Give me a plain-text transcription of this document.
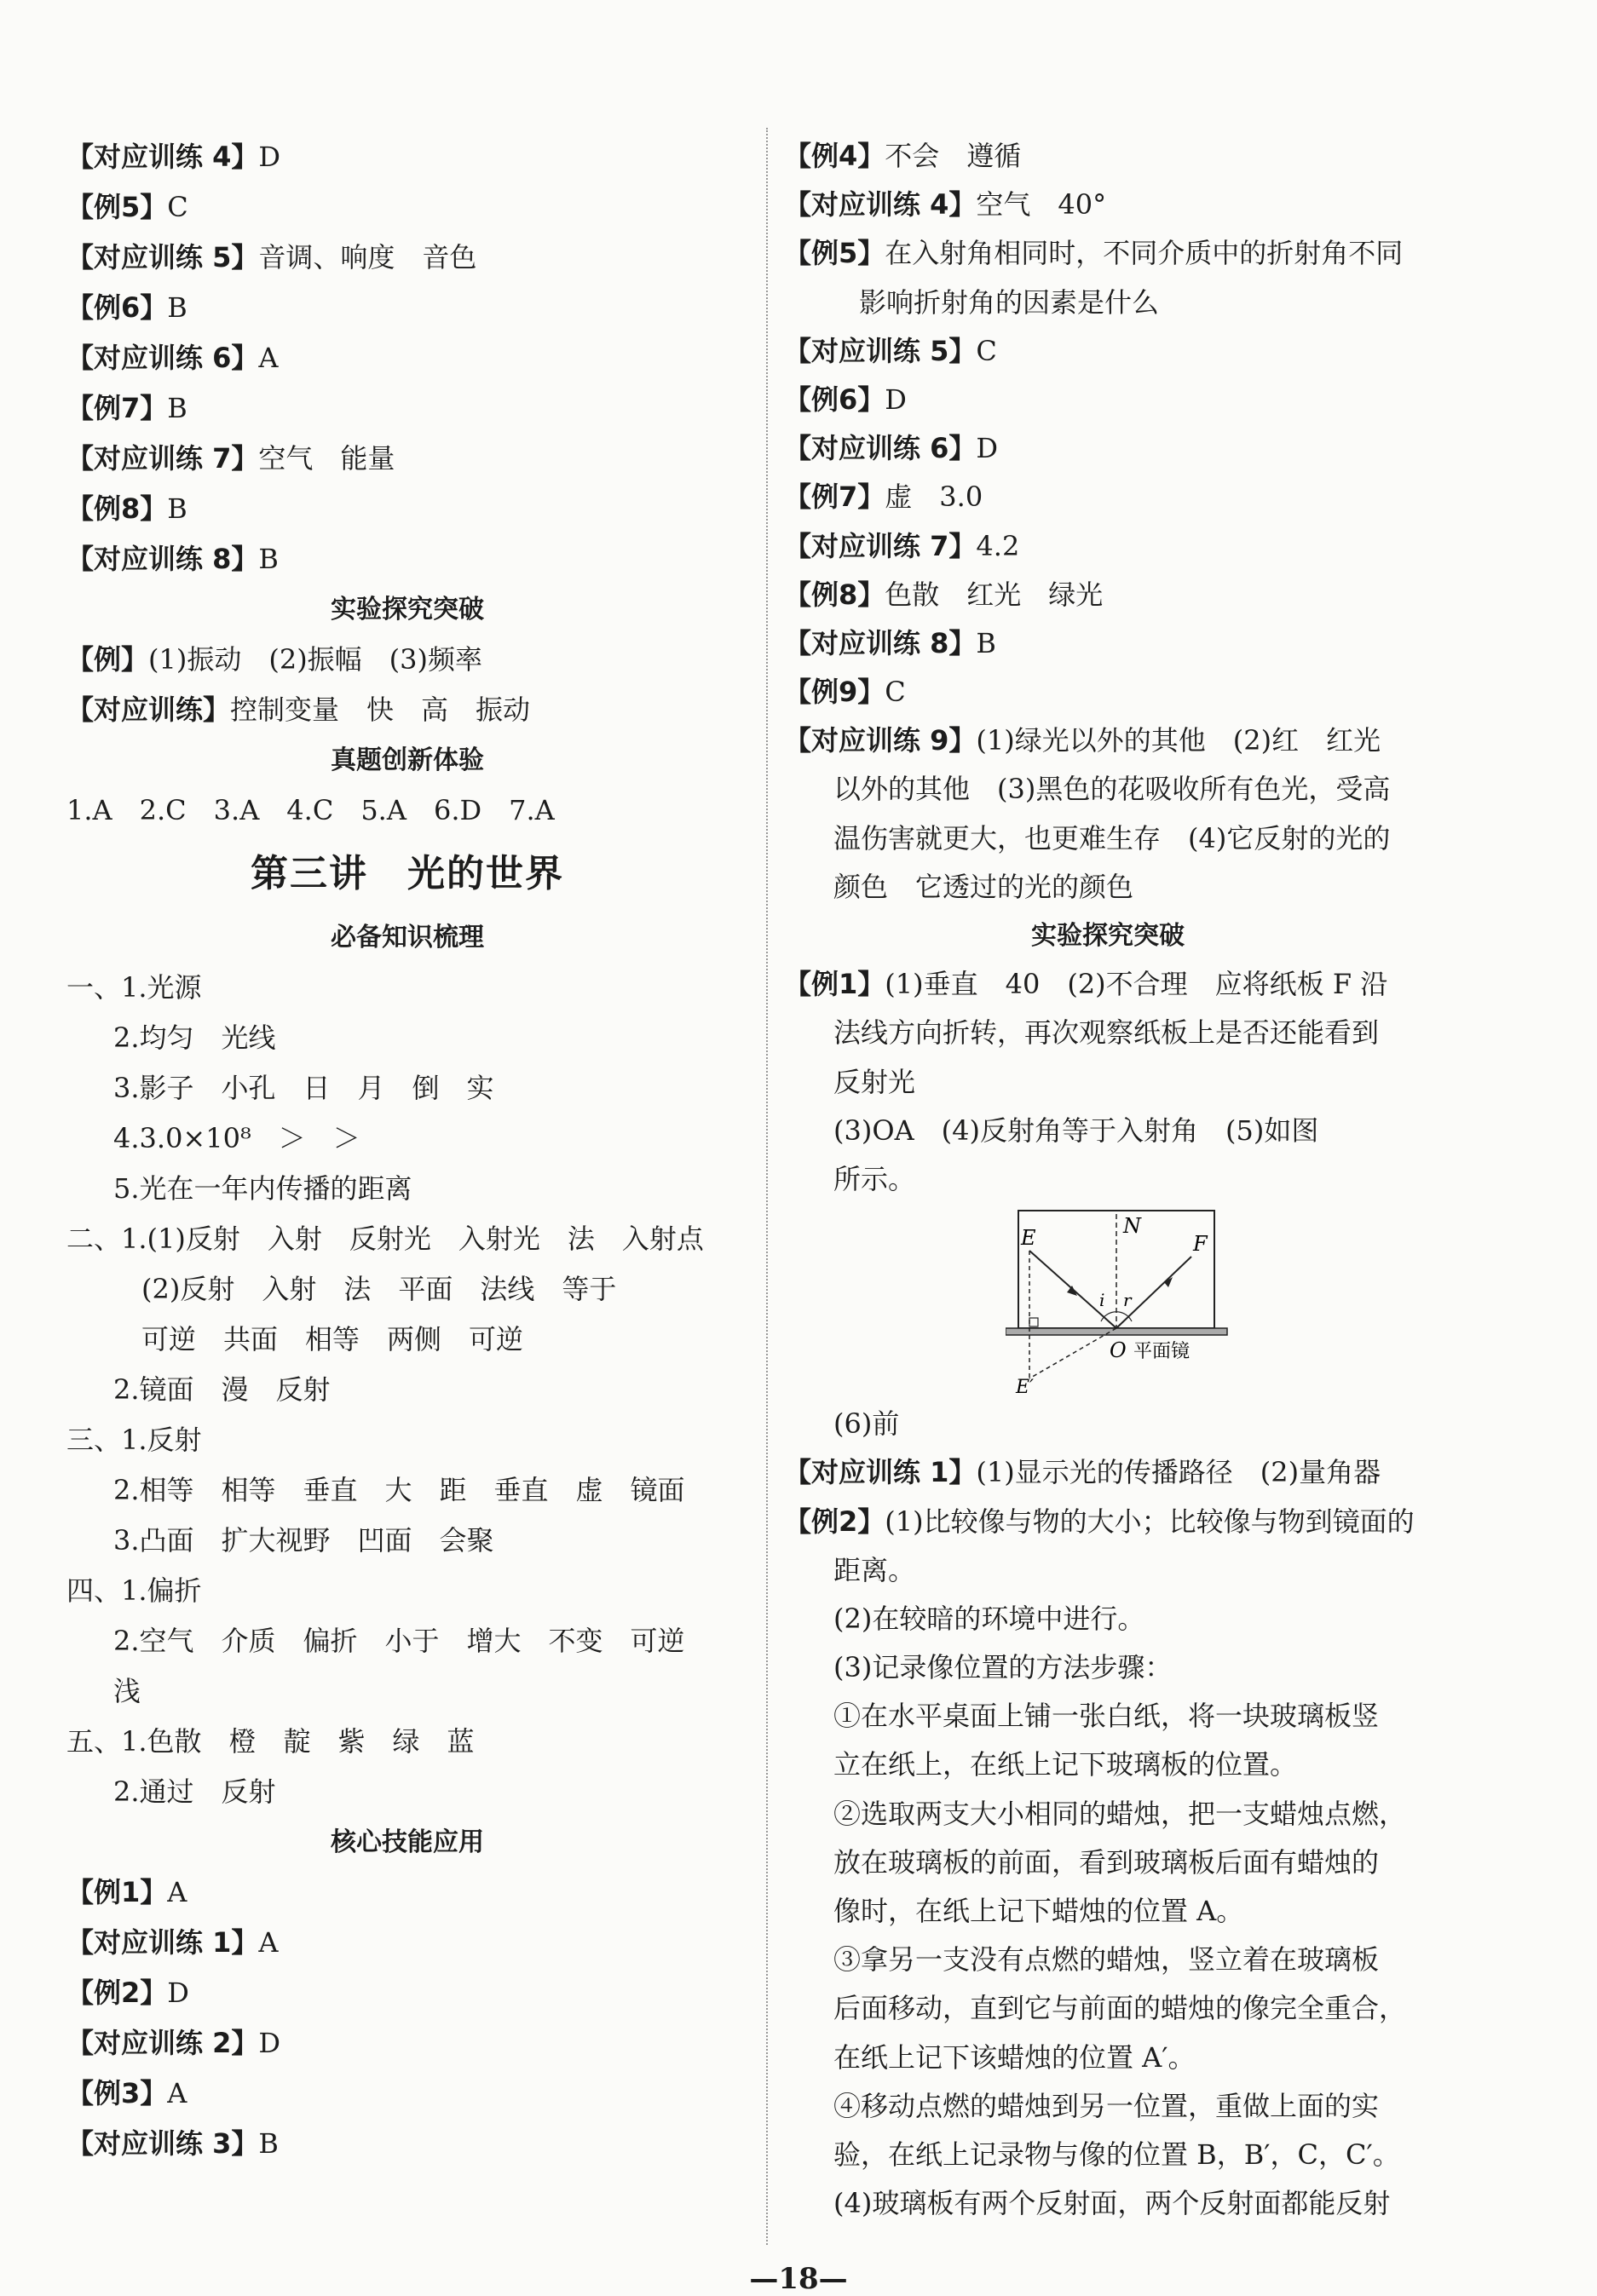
【对应训练 4】D
【例5】C
【对应训练 5】音调、响度　音色
【例6】B
【对应训练 6】A
【例7】B
【对应训练 7】空气　能量
【例8】B
【对应训练 8】B
实验探究突破
【例】(1)振动　(2)振幅　(3)频率
【对应训练】控制变量　快　高　振动
真题创新体验
1.A　2.C　3.A　4.C　5.A　6.D　7.A
第三讲　光的世界
必备知识梳理
一、1.光源
2.均匀　光线
3.影子　小孔　日　月　倒　实
4.3.0×10⁸　＞　＞
5.光在一年内传播的距离
二、1.(1)反射　入射　反射光　入射光　法　入射点
(2)反射　入射　法　平面　法线　等于
可逆　共面　相等　两侧　可逆
2.镜面　漫　反射
三、1.反射
2.相等　相等　垂直　大　距　垂直　虚　镜面
3.凸面　扩大视野　凹面　会聚
四、1.偏折
2.空气　介质　偏折　小于　增大　不变　可逆
浅
五、1.色散　橙　靛　紫　绿　蓝
2.通过　反射
核心技能应用
【例1】A
【对应训练 1】A
【例2】D
【对应训练 2】D
【例3】A
【对应训练 3】B
【例4】不会　遵循
【对应训练 4】空气　40°
【例5】在入射角相同时，不同介质中的折射角不同
影响折射角的因素是什么
【对应训练 5】C
【例6】D
【对应训练 6】D
【例7】虚　3.0
【对应训练 7】4.2
【例8】色散　红光　绿光
【对应训练 8】B
【例9】C
【对应训练 9】(1)绿光以外的其他　(2)红　红光
以外的其他　(3)黑色的花吸收所有色光，受高
温伤害就更大，也更难生存　(4)它反射的光的
颜色　它透过的光的颜色
实验探究突破
【例1】(1)垂直　40　(2)不合理　应将纸板 F 沿
法线方向折转，再次观察纸板上是否还能看到
反射光
(3)OA　(4)反射角等于入射角　(5)如图
所示。
E	N
F
i r
O 平面镜
E′
(6)前
【对应训练 1】(1)显示光的传播路径　(2)量角器
【例2】(1)比较像与物的大小；比较像与物到镜面的
距离。
(2)在较暗的环境中进行。
(3)记录像位置的方法步骤：
①在水平桌面上铺一张白纸，将一块玻璃板竖
立在纸上，在纸上记下玻璃板的位置。
②选取两支大小相同的蜡烛，把一支蜡烛点燃，
放在玻璃板的前面，看到玻璃板后面有蜡烛的
像时，在纸上记下蜡烛的位置 A。
③拿另一支没有点燃的蜡烛，竖立着在玻璃板
后面移动，直到它与前面的蜡烛的像完全重合，
在纸上记下该蜡烛的位置 A′。
④移动点燃的蜡烛到另一位置，重做上面的实
验，在纸上记录物与像的位置 B，B′，C，C′。
(4)玻璃板有两个反射面，两个反射面都能反射
—18—
